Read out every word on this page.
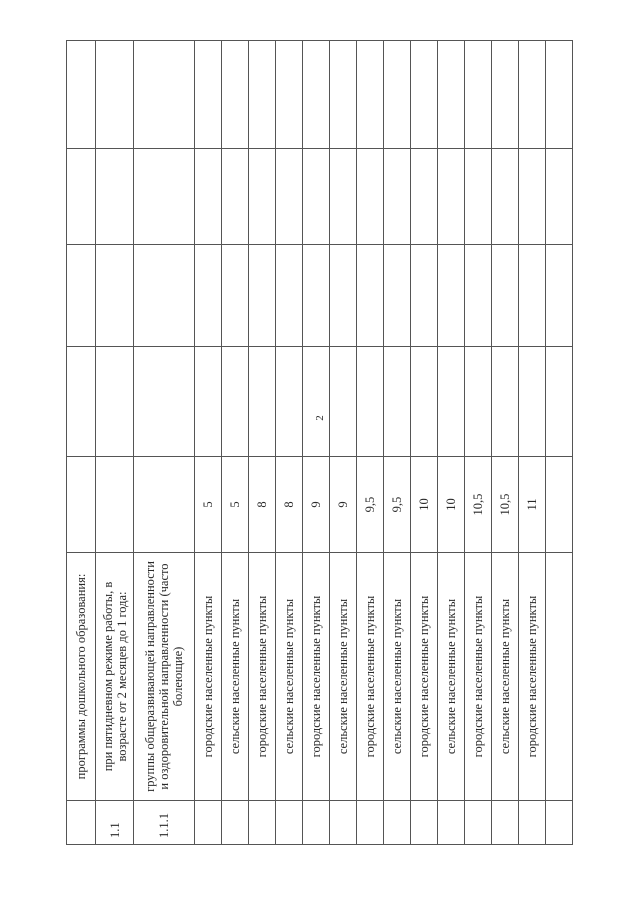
2
	программы дошкольного образования:					
1.1	при пятидневном режиме работы, в возрасте от 2 месяцев до 1 года:					
1.1.1	группы общеразвивающей направленности и оздоровительной направленности (часто болеющие)					
	городские населенные пункты	5				
	сельские населенные пункты	5				
	городские населенные пункты	8				
	сельские населенные пункты	8				
	городские населенные пункты	9				
	сельские населенные пункты	9				
	городские населенные пункты	9,5				
	сельские населенные пункты	9,5				
	городские населенные пункты	10				
	сельские населенные пункты	10				
	городские населенные пункты	10,5				
	сельские населенные пункты	10,5				
	городские населенные пункты	11				
